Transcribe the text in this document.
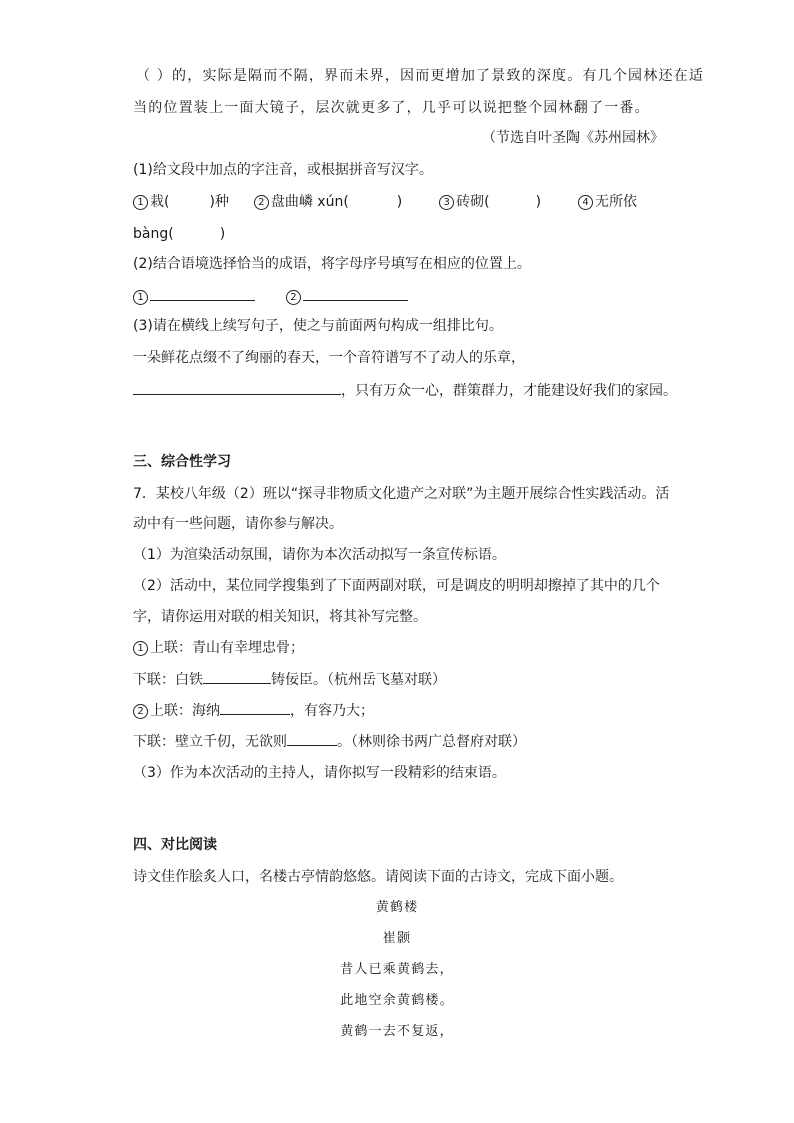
（ ）的，实际是隔而不隔，界而未界，因而更增加了景致的深度。有几个园林还在适
当的位置装上一面大镜子，层次就更多了，几乎可以说把整个园林翻了一番。
（节选自叶圣陶《苏州园林》
(1)给文段中加点的字注音，或根据拼音写汉字。
1 栽(	)种	2 盘曲嶙 xún(	)	3 砖砌(	)	4 无所依
bàng(	)
(2)结合语境选择恰当的成语，将字母序号填写在相应的位置上。
1	2
(3)请在横线上续写句子，使之与前面两句构成一组排比句。
一朵鲜花点缀不了绚丽的春天，一个音符谱写不了动人的乐章，
，只有万众一心，群策群力，才能建设好我们的家园。
三、综合性学习
7．某校八年级（2）班以“探寻非物质文化遗产之对联”为主题开展综合性实践活动。活
动中有一些问题，请你参与解决。
（1）为渲染活动氛围，请你为本次活动拟写一条宣传标语。
（2）活动中，某位同学搜集到了下面两副对联，可是调皮的明明却擦掉了其中的几个
字，请你运用对联的相关知识，将其补写完整。
1 上联：青山有幸埋忠骨；
下联：白铁	铸佞臣。（杭州岳飞墓对联）
2 上联：海纳	，有容乃大；
下联：壁立千仞，无欲则	。（林则徐书两广总督府对联）
（3）作为本次活动的主持人，请你拟写一段精彩的结束语。
四、对比阅读
诗文佳作脍炙人口，名楼古亭情韵悠悠。请阅读下面的古诗文，完成下面小题。
黄鹤楼
崔颢
昔人已乘黄鹤去，
此地空余黄鹤楼。
黄鹤一去不复返，
